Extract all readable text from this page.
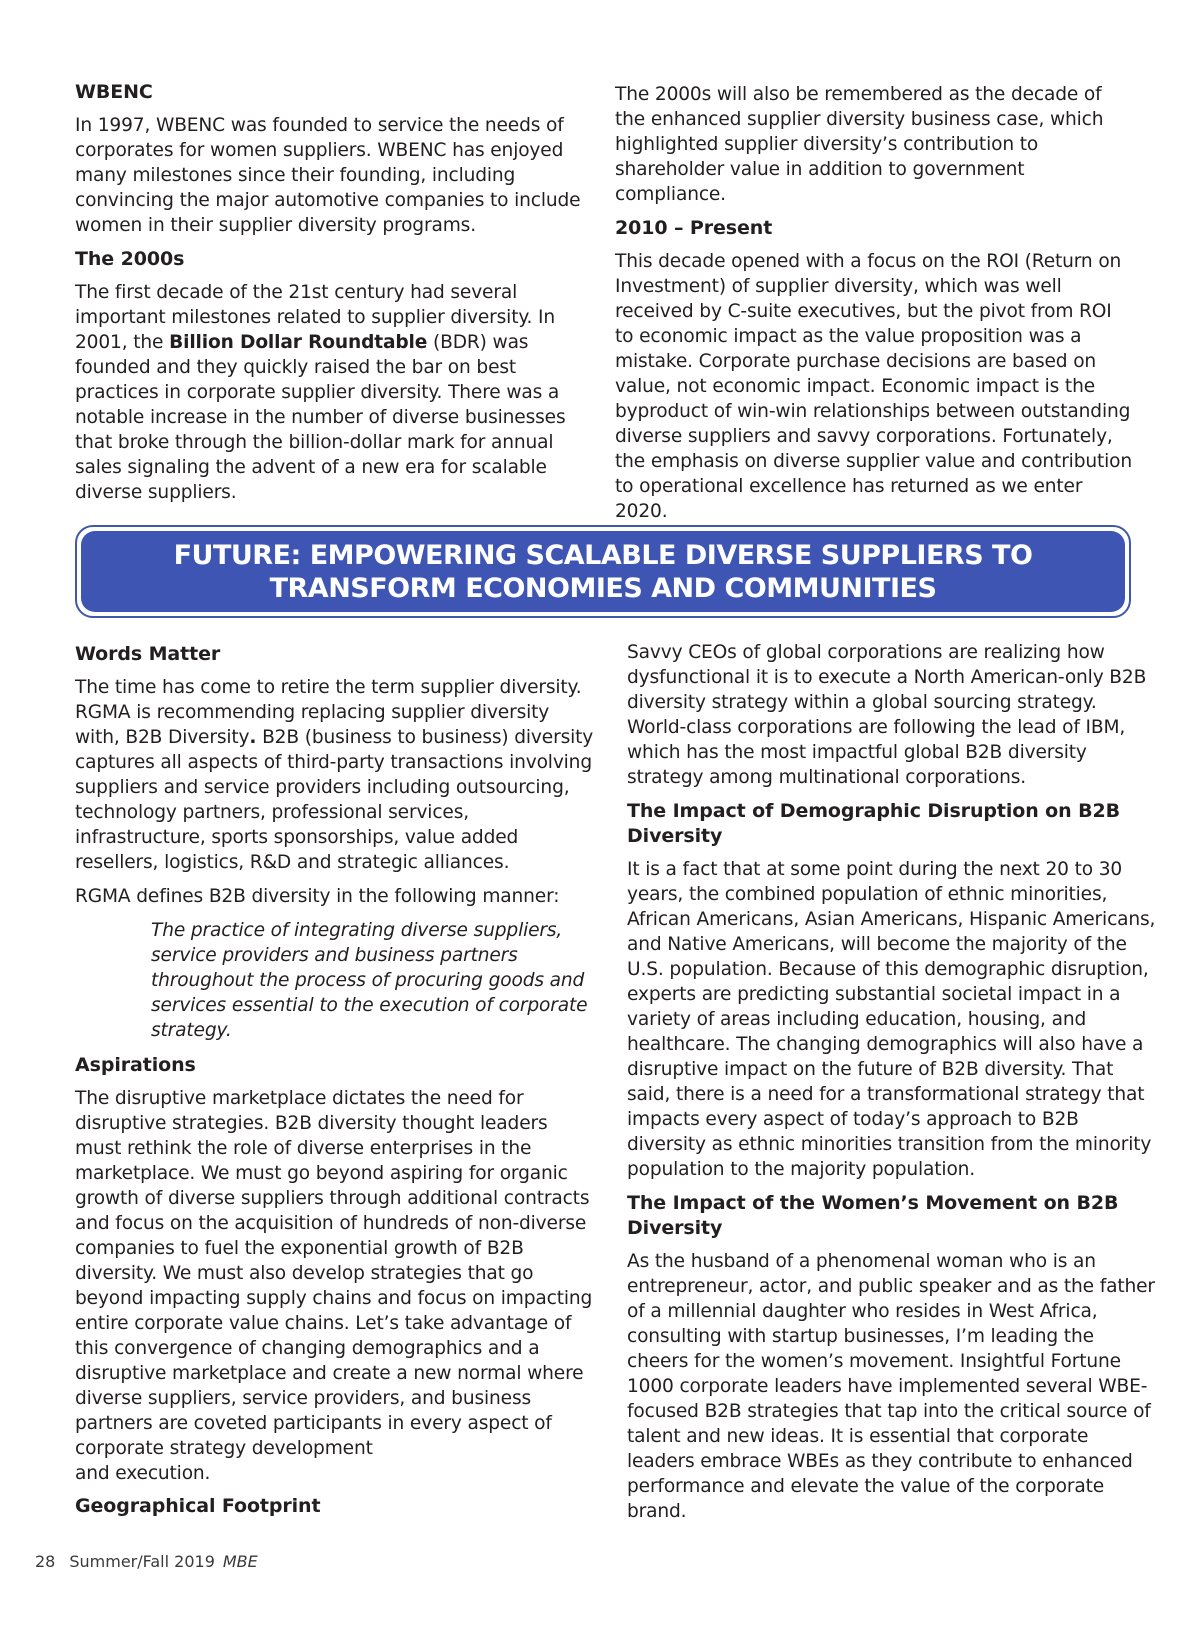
WBENC

In 1997, WBENC was founded to service the needs of corporates for women suppliers. WBENC has enjoyed many milestones since their founding, including convincing the major automotive companies to include women in their supplier diversity programs.

The 2000s

The first decade of the 21st century had several important milestones related to supplier diversity. In 2001, the Billion Dollar Roundtable (BDR) was founded and they quickly raised the bar on best practices in corporate supplier diversity. There was a notable increase in the number of diverse businesses that broke through the billion-dollar mark for annual sales signaling the advent of a new era for scalable diverse suppliers.

The 2000s will also be remembered as the decade of the enhanced supplier diversity business case, which highlighted supplier diversity’s contribution to shareholder value in addition to government compliance.

2010 – Present

This decade opened with a focus on the ROI (Return on Investment) of supplier diversity, which was well received by C-suite executives, but the pivot from ROI to economic impact as the value proposition was a mistake. Corporate purchase decisions are based on value, not economic impact. Economic impact is the byproduct of win-win relationships between outstanding diverse suppliers and savvy corporations. Fortunately, the emphasis on diverse supplier value and contribution to operational excellence has returned as we enter 2020.

FUTURE: EMPOWERING SCALABLE DIVERSE SUPPLIERS TO
TRANSFORM ECONOMIES AND COMMUNITIES
Words Matter

The time has come to retire the term supplier diversity. RGMA is recommending replacing supplier diversity with, B2B Diversity. B2B (business to business) diversity captures all aspects of third-party transactions involving suppliers and service providers including outsourcing, technology partners, professional services, infrastructure, sports sponsorships, value added resellers, logistics, R&D and strategic alliances.

RGMA defines B2B diversity in the following manner:

The practice of integrating diverse suppliers, service providers and business partners throughout the process of procuring goods and services essential to the execution of corporate strategy.

Aspirations

The disruptive marketplace dictates the need for disruptive strategies. B2B diversity thought leaders must rethink the role of diverse enterprises in the marketplace. We must go beyond aspiring for organic growth of diverse suppliers through additional contracts and focus on the acquisition of hundreds of non-diverse companies to fuel the exponential growth of B2B diversity. We must also develop strategies that go beyond impacting supply chains and focus on impacting entire corporate value chains. Let’s take advantage of this convergence of changing demographics and a disruptive marketplace and create a new normal where diverse suppliers, service providers, and business partners are coveted participants in every aspect of corporate strategy development
and execution.

Geographical Footprint

Savvy CEOs of global corporations are realizing how dysfunctional it is to execute a North American-only B2B diversity strategy within a global sourcing strategy. World-class corporations are following the lead of IBM, which has the most impactful global B2B diversity strategy among multinational corporations.

The Impact of Demographic Disruption on B2B Diversity

It is a fact that at some point during the next 20 to 30 years, the combined population of ethnic minorities, African Americans, Asian Americans, Hispanic Americans, and Native Americans, will become the majority of the U.S. population. Because of this demographic disruption, experts are predicting substantial societal impact in a variety of areas including education, housing, and healthcare. The changing demographics will also have a disruptive impact on the future of B2B diversity. That said, there is a need for a transformational strategy that impacts every aspect of today’s approach to B2B diversity as ethnic minorities transition from the minority population to the majority population.

The Impact of the Women’s Movement on B2B Diversity

As the husband of a phenomenal woman who is an entrepreneur, actor, and public speaker and as the father of a millennial daughter who resides in West Africa, consulting with startup businesses, I’m leading the cheers for the women’s movement. Insightful Fortune 1000 corporate leaders have implemented several WBE-focused B2B strategies that tap into the critical source of talent and new ideas. It is essential that corporate leaders embrace WBEs as they contribute to enhanced performance and elevate the value of the corporate brand.

28 Summer/Fall 2019 MBE
